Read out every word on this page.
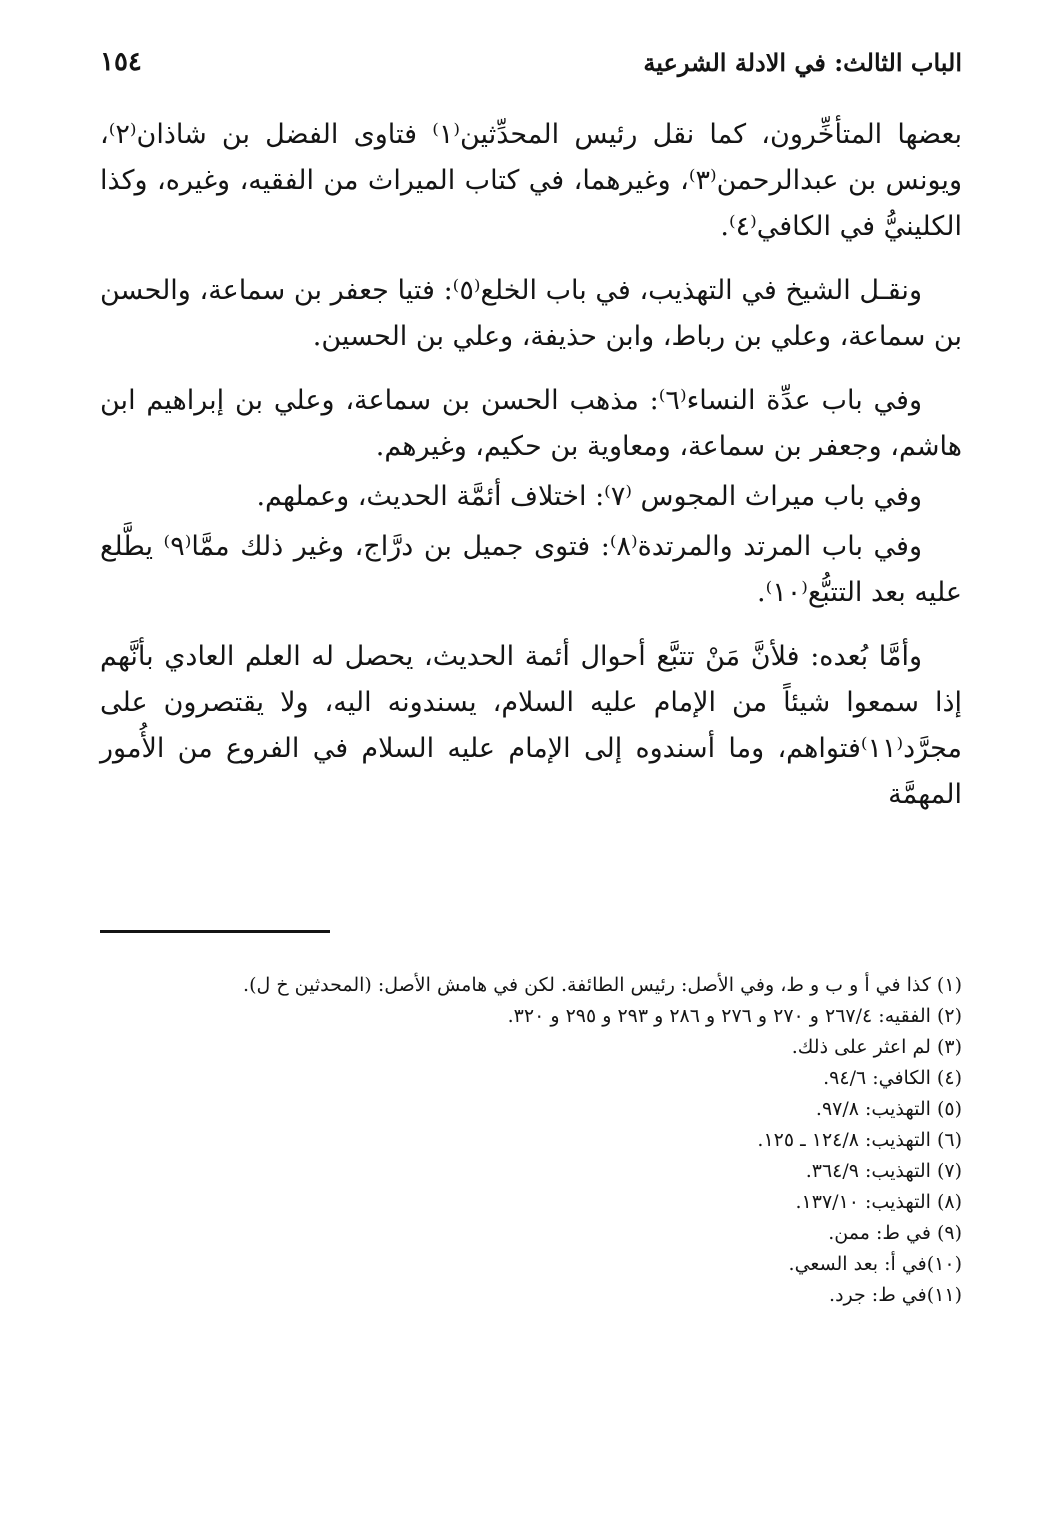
الباب الثالث: في الادلة الشرعية
١٥٤

بعضها المتأخِّرون، كما نقل رئيس المحدِّثين⁽١⁾ فتاوى الفضل بن شاذان⁽٢⁾، ويونس بن عبدالرحمن⁽٣⁾، وغيرهما، في كتاب الميراث من الفقيه، وغيره، وكذا الكلينيُّ في الكافي⁽٤⁾.

ونقـل الشيخ في التهذيب، في باب الخلع⁽٥⁾: فتيا جعفر بن سماعة، والحسن بن سماعة، وعلي بن رباط، وابن حذيفة، وعلي بن الحسين.

وفي باب عدِّة النساء⁽٦⁾: مذهب الحسن بن سماعة، وعلي بن إبراهيم ابن هاشم، وجعفر بن سماعة، ومعاوية بن حكيم، وغيرهم.

وفي باب ميراث المجوس ⁽٧⁾: اختلاف أئمَّة الحديث، وعملهم.

وفي باب المرتد والمرتدة⁽٨⁾: فتوى جميل بن درَّاج، وغير ذلك ممَّا⁽٩⁾ يطَّلع عليه بعد التتبُّع⁽١٠⁾.

وأمَّا بُعده: فلأنَّ مَنْ تتبَّع أحوال أئمة الحديث، يحصل له العلم العادي بأنَّهم إذا سمعوا شيئاً من الإمام عليه السلام، يسندونه اليه، ولا يقتصرون على مجرَّد⁽١١⁾فتواهم، وما أسندوه إلى الإمام عليه السلام في الفروع من الأُمور المهمَّة

(١) كذا في أ و ب و ط، وفي الأصل: رئيس الطائفة. لكن في هامش الأصل: (المحدثين خ ل).
(٢) الفقيه: ٢٦٧/٤ و ٢٧٠ و ٢٧٦ و ٢٨٦ و ٢٩٣ و ٢٩٥ و ٣٢٠.
(٣) لم اعثر على ذلك.
(٤) الكافي: ٩٤/٦.
(٥) التهذيب: ٩٧/٨.
(٦) التهذيب: ١٢٤/٨ ـ ١٢٥.
(٧) التهذيب: ٣٦٤/٩.
(٨) التهذيب: ١٣٧/١٠.
(٩) في ط: ممن.
(١٠)في أ: بعد السعي.
(١١)في ط: جرد.
